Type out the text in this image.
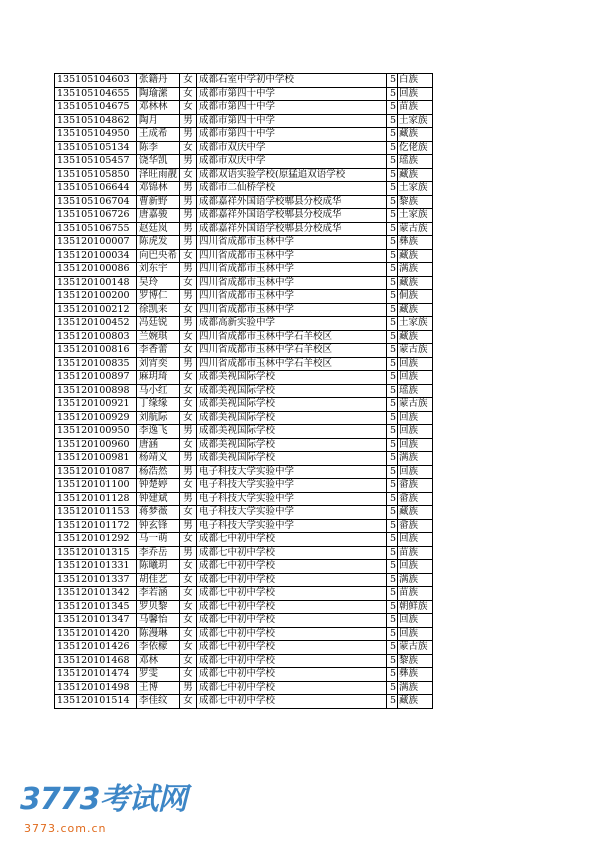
135105104603	张籍丹	女	成都石室中学初中学校	5	白族
135105104655	陶瑜潆	女	成都市第四十中学	5	回族
135105104675	邓林林	女	成都市第四十中学	5	苗族
135105104862	陶月	男	成都市第四十中学	5	土家族
135105104950	王成希	男	成都市第四十中学	5	藏族
135105105134	陈李	女	成都市双庆中学	5	仡佬族
135105105457	饶华凯	男	成都市双庆中学	5	瑶族
135105105850	泽旺雨靓	女	成都双语实验学校(原猛追双语学校	5	藏族
135105106644	邓锦林	男	成都市二仙桥学校	5	土家族
135105106704	曹新野	男	成都嘉祥外国语学校郫县分校成华	5	黎族
135105106726	唐嘉骏	男	成都嘉祥外国语学校郫县分校成华	5	土家族
135105106755	赵廷岚	男	成都嘉祥外国语学校郫县分校成华	5	蒙古族
135120100007	陈虎发	男	四川省成都市玉林中学	5	彝族
135120100034	向巴央希	女	四川省成都市玉林中学	5	藏族
135120100086	刘东宇	男	四川省成都市玉林中学	5	满族
135120100148	吴玲	女	四川省成都市玉林中学	5	藏族
135120100200	罗博仁	男	四川省成都市玉林中学	5	侗族
135120100212	徐凯来	女	四川省成都市玉林中学	5	藏族
135120100452	冯廷锐	男	成都高新实验中学	5	土家族
135120100803	兰婉琪	女	四川省成都市玉林中学石羊校区	5	藏族
135120100816	李香蕾	女	四川省成都市玉林中学石羊校区	5	蒙古族
135120100835	刘宵奕	男	四川省成都市玉林中学石羊校区	5	回族
135120100897	麻玥琦	女	成都美视国际学校	5	回族
135120100898	马小红	女	成都美视国际学校	5	瑶族
135120100921	丁缘缘	女	成都美视国际学校	5	蒙古族
135120100929	刘航际	女	成都美视国际学校	5	回族
135120100950	李逸飞	男	成都美视国际学校	5	回族
135120100960	唐涵	女	成都美视国际学校	5	回族
135120100981	杨靖义	男	成都美视国际学校	5	满族
135120101087	杨浩然	男	电子科技大学实验中学	5	回族
135120101100	钟楚婷	女	电子科技大学实验中学	5	畲族
135120101128	钟建斌	男	电子科技大学实验中学	5	畲族
135120101153	蒋梦薇	女	电子科技大学实验中学	5	藏族
135120101172	钟玄锋	男	电子科技大学实验中学	5	畲族
135120101292	马一萌	女	成都七中初中学校	5	回族
135120101315	李乔岳	男	成都七中初中学校	5	苗族
135120101331	陈曦玥	女	成都七中初中学校	5	回族
135120101337	胡佳艺	女	成都七中初中学校	5	满族
135120101342	李若涵	女	成都七中初中学校	5	苗族
135120101345	罗贝黎	女	成都七中初中学校	5	朝鲜族
135120101347	马馨怡	女	成都七中初中学校	5	回族
135120101420	陈漫琳	女	成都七中初中学校	5	回族
135120101426	李依檬	女	成都七中初中学校	5	蒙古族
135120101468	邓林	女	成都七中初中学校	5	黎族
135120101474	罗雯	女	成都七中初中学校	5	彝族
135120101498	王博	男	成都七中初中学校	5	满族
135120101514	李佳纹	女	成都七中初中学校	5	藏族
3773考试网
3773.com.cn
